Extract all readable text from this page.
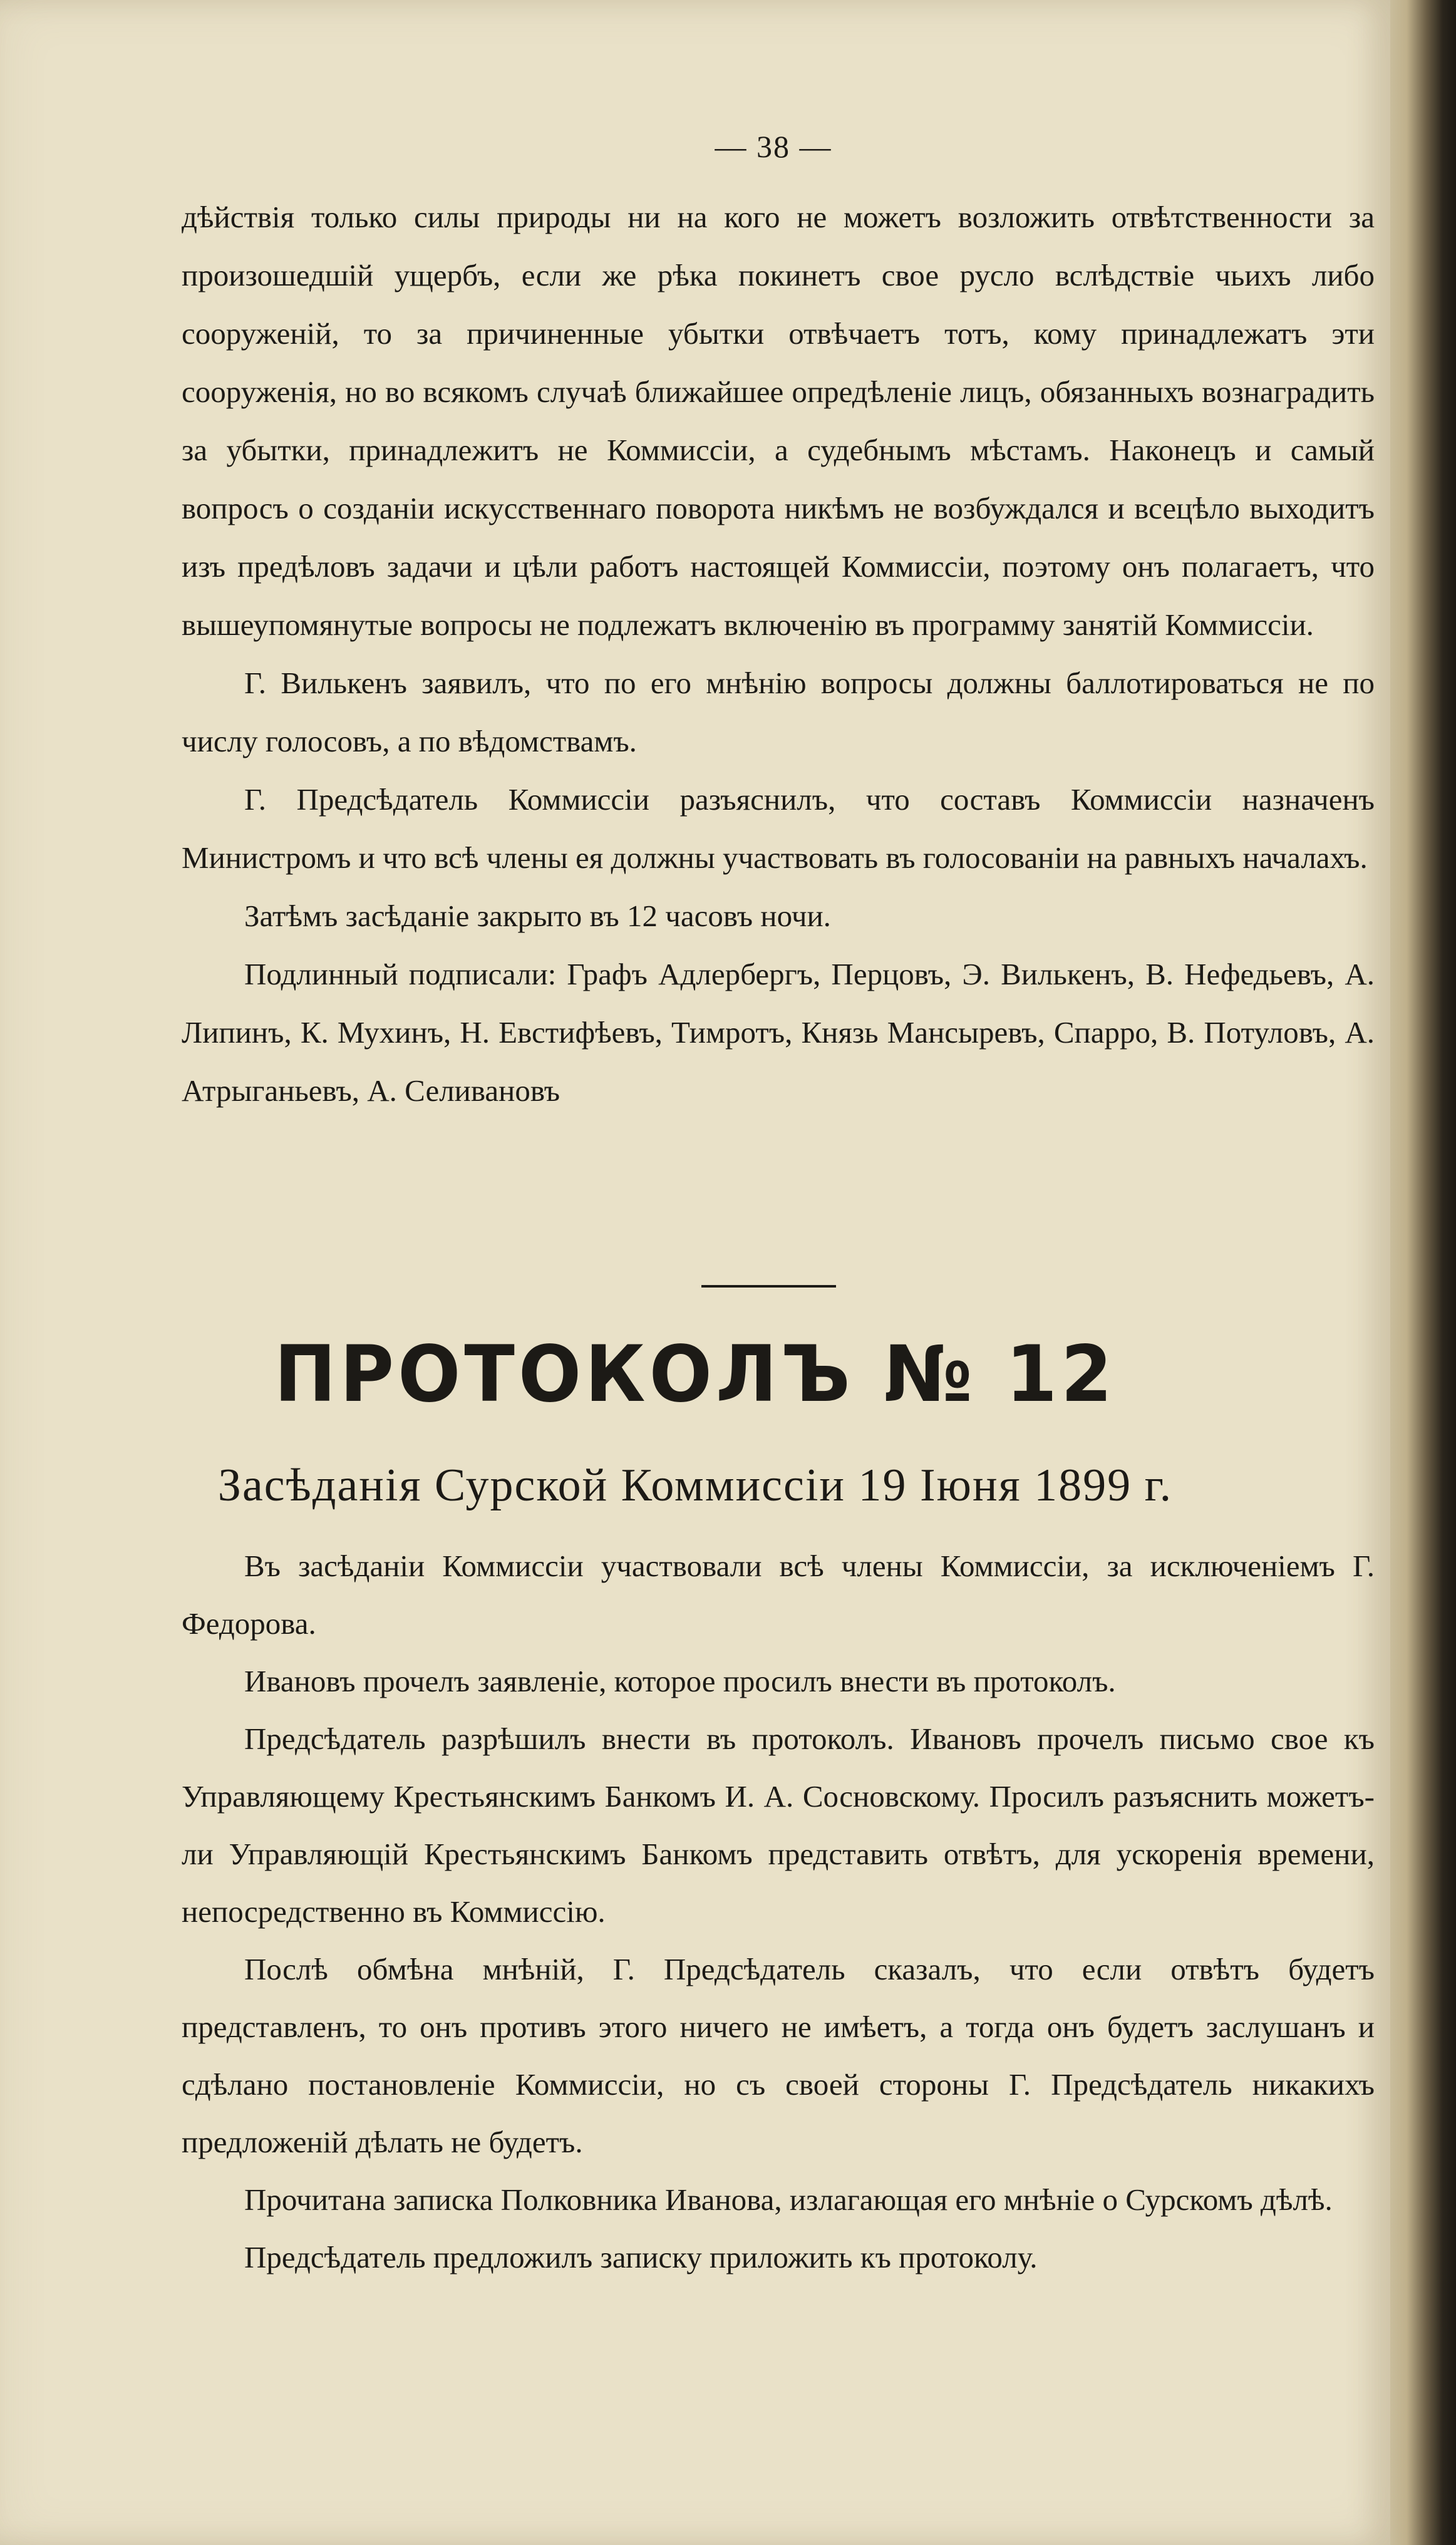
— 38 —

дѣйствія только силы природы ни на кого не можетъ возложить отвѣтственности за произошедшій ущербъ, если же рѣка покинетъ свое русло вслѣдствіе чьихъ либо сооруженій, то за причиненные убытки отвѣчаетъ тотъ, кому принадлежатъ эти сооруженія, но во всякомъ случаѣ ближайшее опредѣленіе лицъ, обязанныхъ вознаградить за убытки, принадлежитъ не Коммиссіи, а судебнымъ мѣстамъ. Наконецъ и самый вопросъ о созданіи искусственнаго поворота никѣмъ не возбуждался и всецѣло выходитъ изъ предѣловъ задачи и цѣли работъ настоящей Коммиссіи, поэтому онъ полагаетъ, что вышеупомянутые вопросы не подлежатъ включенію въ программу занятій Коммиссіи.

Г. Вилькенъ заявилъ, что по его мнѣнію вопросы должны баллотироваться не по числу голосовъ, а по вѣдомствамъ.

Г. Предсѣдатель Коммиссіи разъяснилъ, что составъ Коммиссіи назначенъ Министромъ и что всѣ члены ея должны участвовать въ голосованіи на равныхъ началахъ.

Затѣмъ засѣданіе закрыто въ 12 часовъ ночи.

Подлинный подписали: Графъ Адлербергъ, Перцовъ, Э. Вилькенъ, В. Нефедьевъ, А. Липинъ, К. Мухинъ, Н. Евстифѣевъ, Тимротъ, Князь Мансыревъ, Спарро, В. Потуловъ, А. Атрыганьевъ, А. Селивановъ

ПРОТОКОЛЪ № 12
Засѣданія Сурской Коммиссіи 19 Іюня 1899 г.

Въ засѣданіи Коммиссіи участвовали всѣ члены Коммиссіи, за исключеніемъ Г. Федорова.

Ивановъ прочелъ заявленіе, которое просилъ внести въ протоколъ.

Предсѣдатель разрѣшилъ внести въ протоколъ. Ивановъ прочелъ письмо свое къ Управляющему Крестьянскимъ Банкомъ И. А. Сосновскому. Просилъ разъяснить можетъ-ли Управляющій Крестьянскимъ Банкомъ представить отвѣтъ, для ускоренія времени, непосредственно въ Коммиссію.

Послѣ обмѣна мнѣній, Г. Предсѣдатель сказалъ, что если отвѣтъ будетъ представленъ, то онъ противъ этого ничего не имѣетъ, а тогда онъ будетъ заслушанъ и сдѣлано постановленіе Коммиссіи, но съ своей стороны Г. Предсѣдатель никакихъ предложеній дѣлать не будетъ.

Прочитана записка Полковника Иванова, излагающая его мнѣніе о Сурскомъ дѣлѣ.

Предсѣдатель предложилъ записку приложить къ протоколу.
